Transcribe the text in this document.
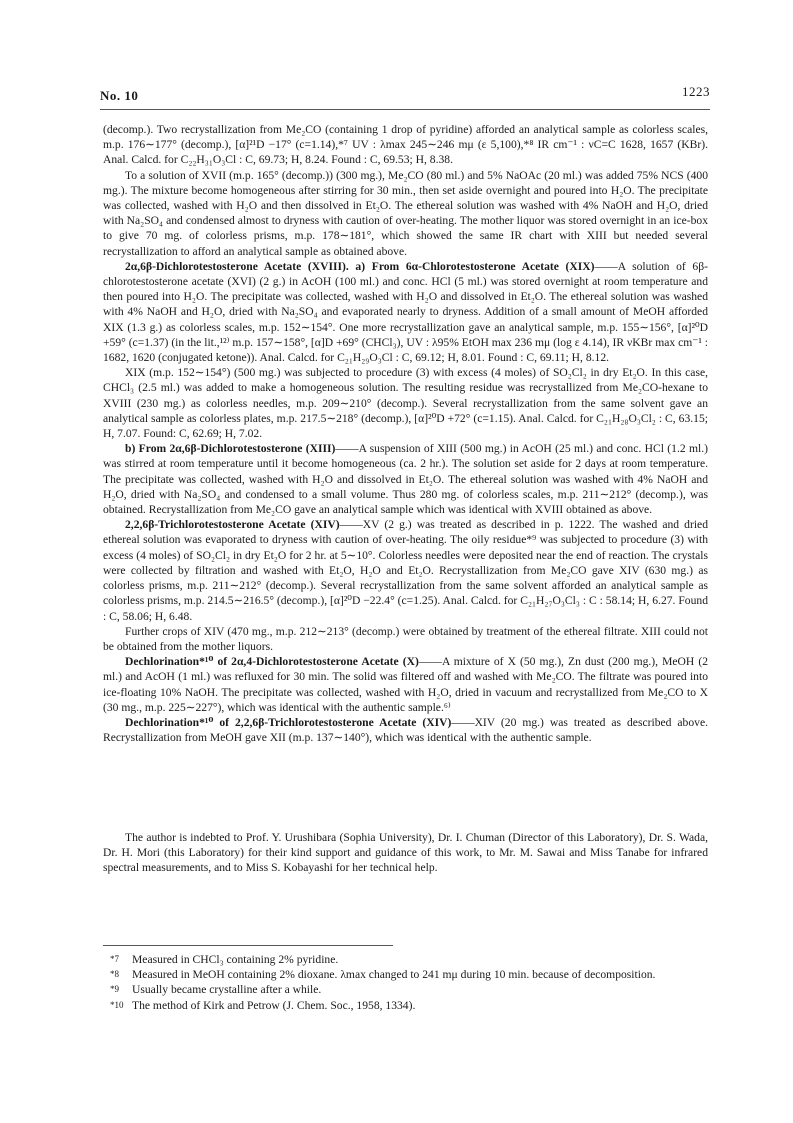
No. 10	1223

(decomp.). Two recrystallization from Me₂CO (containing 1 drop of pyridine) afforded an analytical sample as colorless scales, m.p. 176∼177° (decomp.), [α]²¹D −17° (c=1.14),*⁷ UV : λmax 245∼246 mμ (ε 5,100),*⁸ IR cm⁻¹ : νC=C 1628, 1657 (KBr). Anal. Calcd. for C₂₂H₃₁O₃Cl : C, 69.73; H, 8.24. Found : C, 69.53; H, 8.38.

To a solution of XVII (m.p. 165° (decomp.)) (300 mg.), Me₂CO (80 ml.) and 5% NaOAc (20 ml.) was added 75% NCS (400 mg.). The mixture become homogeneous after stirring for 30 min., then set aside overnight and poured into H₂O. The precipitate was collected, washed with H₂O and then dissolved in Et₂O. The ethereal solution was washed with 4% NaOH and H₂O, dried with Na₂SO₄ and condensed almost to dryness with caution of over-heating. The mother liquor was stored overnight in an ice-box to give 70 mg. of colorless prisms, m.p. 178∼181°, which showed the same IR chart with XIII but needed several recrystallization to afford an analytical sample as obtained above.

2α,6β-Dichlorotestosterone Acetate (XVIII). a) From 6α-Chlorotestosterone Acetate (XIX)——A solution of 6β-chlorotestosterone acetate (XVI) (2 g.) in AcOH (100 ml.) and conc. HCl (5 ml.) was stored overnight at room temperature and then poured into H₂O. The precipitate was collected, washed with H₂O and dissolved in Et₂O. The ethereal solution was washed with 4% NaOH and H₂O, dried with Na₂SO₄ and evaporated nearly to dryness. Addition of a small amount of MeOH afforded XIX (1.3 g.) as colorless scales, m.p. 152∼154°. One more recrystallization gave an analytical sample, m.p. 155∼156°, [α]²⁰D +59° (c=1.37) (in the lit.,¹²⁾ m.p. 157∼158°, [α]D +69° (CHCl₃), UV : λ95% EtOH max 236 mμ (log ε 4.14), IR νKBr max cm⁻¹ : 1682, 1620 (conjugated ketone)). Anal. Calcd. for C₂₁H₂₉O₃Cl : C, 69.12; H, 8.01. Found : C, 69.11; H, 8.12.

XIX (m.p. 152∼154°) (500 mg.) was subjected to procedure (3) with excess (4 moles) of SO₂Cl₂ in dry Et₂O. In this case, CHCl₃ (2.5 ml.) was added to make a homogeneous solution. The resulting residue was recrystallized from Me₂CO-hexane to XVIII (230 mg.) as colorless needles, m.p. 209∼210° (decomp.). Several recrystallization from the same solvent gave an analytical sample as colorless plates, m.p. 217.5∼218° (decomp.), [α]²⁰D +72° (c=1.15). Anal. Calcd. for C₂₁H₂₈O₃Cl₂ : C, 63.15; H, 7.07. Found: C, 62.69; H, 7.02.

b) From 2α,6β-Dichlorotestosterone (XIII)——A suspension of XIII (500 mg.) in AcOH (25 ml.) and conc. HCl (1.2 ml.) was stirred at room temperature until it become homogeneous (ca. 2 hr.). The solution set aside for 2 days at room temperature. The precipitate was collected, washed with H₂O and dissolved in Et₂O. The ethereal solution was washed with 4% NaOH and H₂O, dried with Na₂SO₄ and condensed to a small volume. Thus 280 mg. of colorless scales, m.p. 211∼212° (decomp.), was obtained. Recrystallization from Me₂CO gave an analytical sample which was identical with XVIII obtained as above.

2,2,6β-Trichlorotestosterone Acetate (XIV)——XV (2 g.) was treated as described in p. 1222. The washed and dried ethereal solution was evaporated to dryness with caution of over-heating. The oily residue*⁹ was subjected to procedure (3) with excess (4 moles) of SO₂Cl₂ in dry Et₂O for 2 hr. at 5∼10°. Colorless needles were deposited near the end of reaction. The crystals were collected by filtration and washed with Et₂O, H₂O and Et₂O. Recrystallization from Me₂CO gave XIV (630 mg.) as colorless prisms, m.p. 211∼212° (decomp.). Several recrystallization from the same solvent afforded an analytical sample as colorless prisms, m.p. 214.5∼216.5° (decomp.), [α]²⁰D −22.4° (c=1.25). Anal. Calcd. for C₂₁H₂₇O₃Cl₃ : C : 58.14; H, 6.27. Found : C, 58.06; H, 6.48.

Further crops of XIV (470 mg., m.p. 212∼213° (decomp.) were obtained by treatment of the ethereal filtrate. XIII could not be obtained from the mother liquors.

Dechlorination*¹⁰ of 2α,4-Dichlorotestosterone Acetate (X)——A mixture of X (50 mg.), Zn dust (200 mg.), MeOH (2 ml.) and AcOH (1 ml.) was refluxed for 30 min. The solid was filtered off and washed with Me₂CO. The filtrate was poured into ice-floating 10% NaOH. The precipitate was collected, washed with H₂O, dried in vacuum and recrystallized from Me₂CO to X (30 mg., m.p. 225∼227°), which was identical with the authentic sample.⁶⁾

Dechlorination*¹⁰ of 2,2,6β-Trichlorotestosterone Acetate (XIV)——XIV (20 mg.) was treated as described above. Recrystallization from MeOH gave XII (m.p. 137∼140°), which was identical with the authentic sample.

The author is indebted to Prof. Y. Urushibara (Sophia University), Dr. I. Chuman (Director of this Laboratory), Dr. S. Wada, Dr. H. Mori (this Laboratory) for their kind support and guidance of this work, to Mr. M. Sawai and Miss Tanabe for infrared spectral measurements, and to Miss S. Kobayashi for her technical help.

*7 Measured in CHCl₃ containing 2% pyridine.
*8 Measured in MeOH containing 2% dioxane. λmax changed to 241 mμ during 10 min. because of decomposition.
*9 Usually became crystalline after a while.
*10 The method of Kirk and Petrow (J. Chem. Soc., 1958, 1334).
